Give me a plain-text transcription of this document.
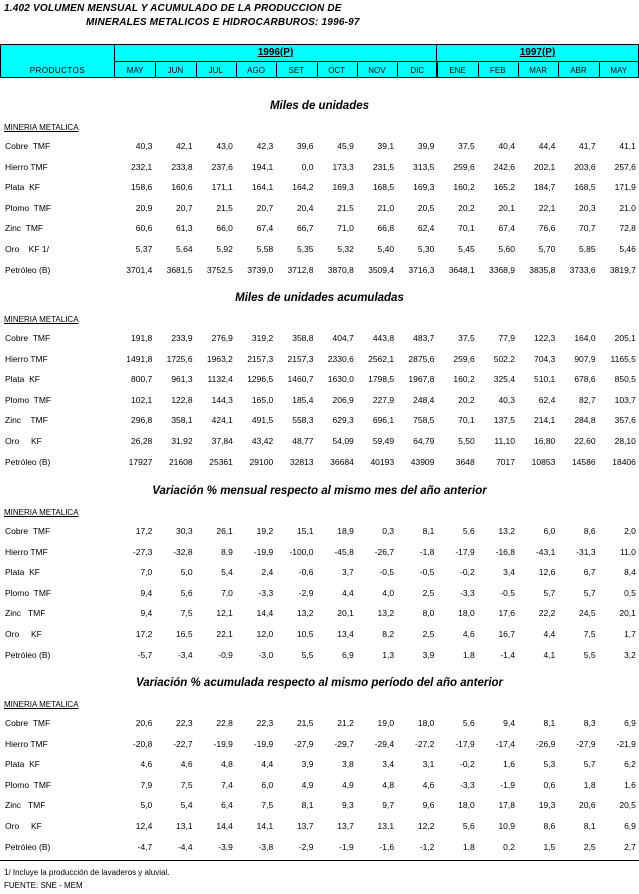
1.402 VOLUMEN MENSUAL Y ACUMULADO DE LA PRODUCCION DE
MINERALES METALICOS E HIDROCARBUROS: 1996-97
1996(P)	1997(P)
PRODUCTOS	MAY	JUN	JUL	AGO	SET	OCT	NOV	DIC	ENE	FEB	MAR	ABR	MAY
Miles de unidades
MINERIA METALICA
Cobre  TMF	40,3	42,1	43,0	42,3	39,6	45,9	39,1	39,9	37,5	40,4	44,4	41,7	41,1
Hierro TMF	232,1	233,8	237,6	194,1	0,0	173,3	231,5	313,5	259,6	242,6	202,1	203,6	257,6
Plata  KF	158,6	160,6	171,1	164,1	164,2	169,3	168,5	169,3	160,2	165,2	184,7	168,5	171,9
Plomo  TMF	20,9	20,7	21,5	20,7	20,4	21,5	21,0	20,5	20,2	20,1	22,1	20,3	21,0
Zinc  TMF	60,6	61,3	66,0	67,4	66,7	71,0	66,8	62,4	70,1	67,4	76,6	70,7	72,8
Oro    KF 1/	5,37	5,64	5,92	5,58	5,35	5,32	5,40	5,30	5,45	5,60	5,70	5,85	5,46
Petróleo (B)	3701,4	3681,5	3752,5	3739,0	3712,8	3870,8	3509,4	3716,3	3648,1	3368,9	3835,8	3733,6	3819,7
Miles de unidades acumuladas
MINERIA METALICA
Cobre  TMF	191,8	233,9	276,9	319,2	358,8	404,7	443,8	483,7	37,5	77,9	122,3	164,0	205,1
Hierro TMF	1491,8	1725,6	1963,2	2157,3	2157,3	2330,6	2562,1	2875,6	259,6	502,2	704,3	907,9	1165,5
Plata  KF	800,7	961,3	1132,4	1296,5	1460,7	1630,0	1798,5	1967,8	160,2	325,4	510,1	678,6	850,5
Plomo  TMF	102,1	122,8	144,3	165,0	185,4	206,9	227,9	248,4	20,2	40,3	62,4	82,7	103,7
Zinc    TMF	296,8	358,1	424,1	491,5	558,3	629,3	696,1	758,5	70,1	137,5	214,1	284,8	357,6
Oro     KF	26,28	31,92	37,84	43,42	48,77	54,09	59,49	64,79	5,50	11,10	16,80	22,60	28,10
Petróleo (B)	17927	21608	25361	29100	32813	36684	40193	43909	3648	7017	10853	14586	18406
Variación % mensual respecto al mismo mes del año anterior
MINERIA METALICA
Cobre  TMF	17,2	30,3	26,1	19,2	15,1	18,9	0,3	8,1	5,6	13,2	6,0	8,6	2,0
Hierro TMF	-27,3	-32,8	8,9	-19,9	-100,0	-45,8	-26,7	-1,8	-17,9	-16,8	-43,1	-31,3	11,0
Plata  KF	7,0	5,0	5,4	2,4	-0,6	3,7	-0,5	-0,5	-0,2	3,4	12,6	6,7	8,4
Plomo  TMF	9,4	5,6	7,0	-3,3	-2,9	4,4	4,0	2,5	-3,3	-0,5	5,7	5,7	0,5
Zinc   TMF	9,4	7,5	12,1	14,4	13,2	20,1	13,2	8,0	18,0	17,6	22,2	24,5	20,1
Oro     KF	17,2	16,5	22,1	12,0	10,5	13,4	8,2	2,5	4,6	16,7	4,4	7,5	1,7
Petróleo (B)	-5,7	-3,4	-0,9	-3,0	5,5	6,9	1,3	3,9	1,8	-1,4	4,1	5,5	3,2
Variación % acumulada respecto al mismo período del año anterior
MINERIA METALICA
Cobre  TMF	20,6	22,3	22,8	22,3	21,5	21,2	19,0	18,0	5,6	9,4	8,1	8,3	6,9
Hierro TMF	-20,8	-22,7	-19,9	-19,9	-27,9	-29,7	-29,4	-27,2	-17,9	-17,4	-26,9	-27,9	-21,9
Plata  KF	4,6	4,6	4,8	4,4	3,9	3,8	3,4	3,1	-0,2	1,6	5,3	5,7	6,2
Plomo  TMF	7,9	7,5	7,4	6,0	4,9	4,9	4,8	4,6	-3,3	-1,9	0,6	1,8	1,6
Zinc   TMF	5,0	5,4	6,4	7,5	8,1	9,3	9,7	9,6	18,0	17,8	19,3	20,6	20,5
Oro     KF	12,4	13,1	14,4	14,1	13,7	13,7	13,1	12,2	5,6	10,9	8,6	8,1	6,9
Petróleo (B)	-4,7	-4,4	-3,9	-3,8	-2,9	-1,9	-1,6	-1,2	1,8	0,2	1,5	2,5	2,7
1/ Incluye la producción de lavaderos y aluvial.
FUENTE: SNE - MEM
